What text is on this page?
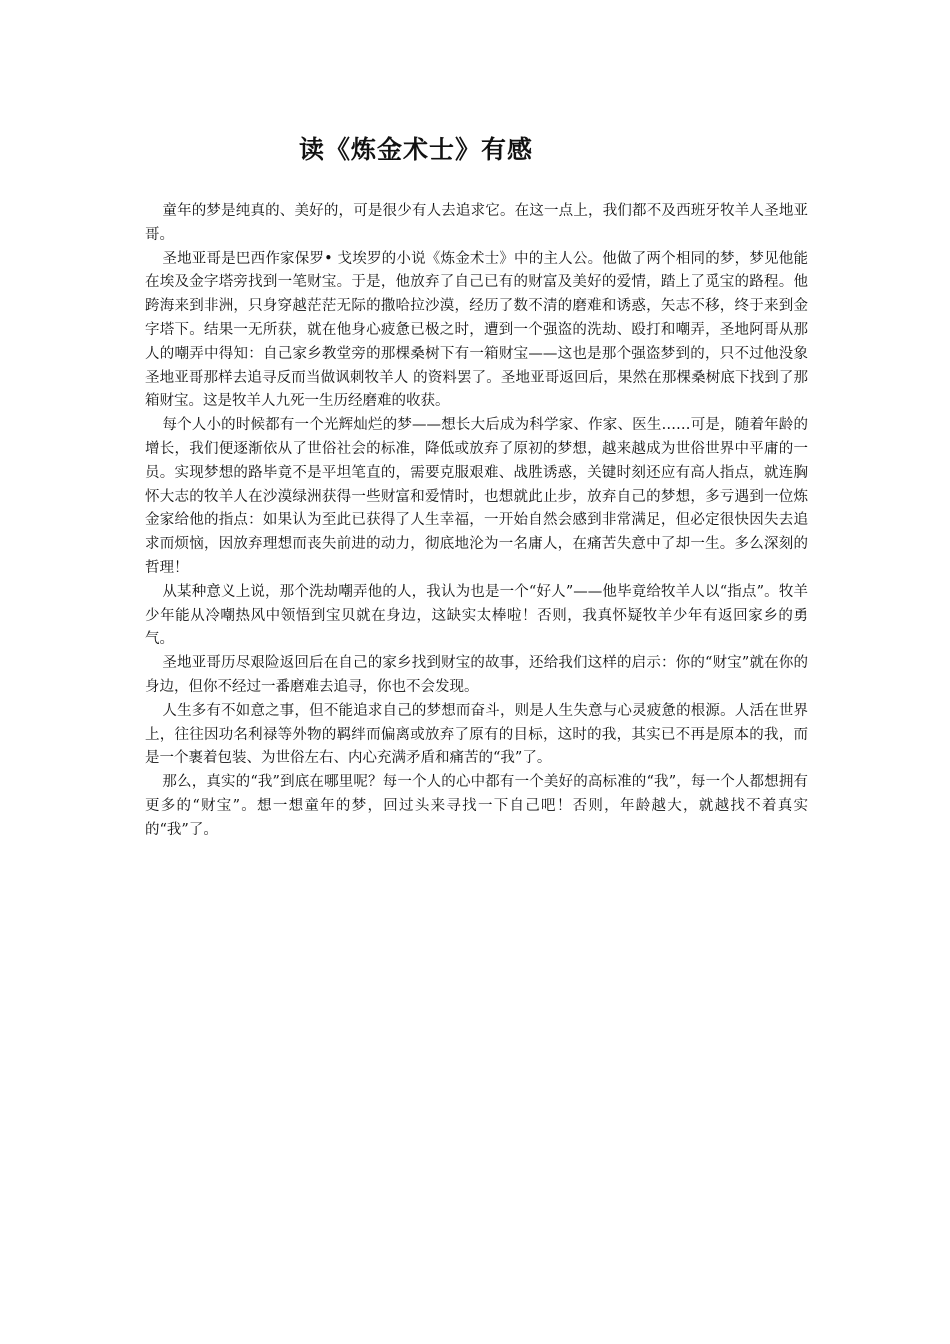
读《炼金术士》有感

童年的梦是纯真的、美好的，可是很少有人去追求它。在这一点上，我们都不及西班牙牧羊人圣地亚哥。

圣地亚哥是巴西作家保罗• 戈埃罗的小说《炼金术士》中的主人公。他做了两个相同的梦，梦见他能在埃及金字塔旁找到一笔财宝。于是，他放弃了自己已有的财富及美好的爱情，踏上了觅宝的路程。他跨海来到非洲，只身穿越茫茫无际的撒哈拉沙漠，经历了数不清的磨难和诱惑，矢志不移，终于来到金字塔下。结果一无所获，就在他身心疲惫已极之时，遭到一个强盗的洗劫、殴打和嘲弄，圣地阿哥从那人的嘲弄中得知：自己家乡教堂旁的那棵桑树下有一箱财宝——这也是那个强盗梦到的，只不过他没象圣地亚哥那样去追寻反而当做讽刺牧羊人 的资料罢了。圣地亚哥返回后，果然在那棵桑树底下找到了那箱财宝。这是牧羊人九死一生历经磨难的收获。

每个人小的时候都有一个光辉灿烂的梦——想长大后成为科学家、作家、医生……可是，随着年龄的增长，我们便逐渐依从了世俗社会的标准，降低或放弃了原初的梦想，越来越成为世俗世界中平庸的一员。实现梦想的路毕竟不是平坦笔直的，需要克服艰难、战胜诱惑，关键时刻还应有高人指点，就连胸怀大志的牧羊人在沙漠绿洲获得一些财富和爱情时，也想就此止步，放弃自己的梦想，多亏遇到一位炼金家给他的指点：如果认为至此已获得了人生幸福，一开始自然会感到非常满足，但必定很快因失去追求而烦恼，因放弃理想而丧失前进的动力，彻底地沦为一名庸人，在痛苦失意中了却一生。多么深刻的哲理！

从某种意义上说，那个洗劫嘲弄他的人，我认为也是一个“好人”——他毕竟给牧羊人以“指点”。牧羊少年能从冷嘲热风中领悟到宝贝就在身边，这缺实太棒啦！否则，我真怀疑牧羊少年有返回家乡的勇气。

圣地亚哥历尽艰险返回后在自己的家乡找到财宝的故事，还给我们这样的启示：你的“财宝”就在你的身边，但你不经过一番磨难去追寻，你也不会发现。

人生多有不如意之事，但不能追求自己的梦想而奋斗，则是人生失意与心灵疲惫的根源。人活在世界上，往往因功名利禄等外物的羁绊而偏离或放弃了原有的目标，这时的我，其实已不再是原本的我，而是一个裹着包装、为世俗左右、内心充满矛盾和痛苦的“我”了。

那么，真实的“我”到底在哪里呢？每一个人的心中都有一个美好的高标准的“我”，每一个人都想拥有更多的“财宝”。想一想童年的梦，回过头来寻找一下自己吧！否则，年龄越大，就越找不着真实的“我”了。
